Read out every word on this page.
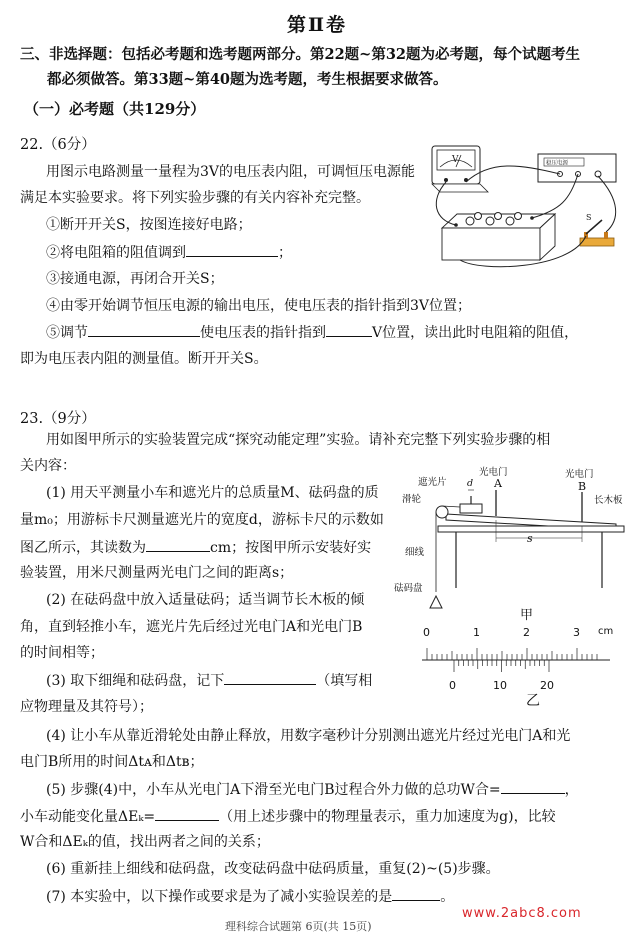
第Ⅱ卷
三、非选择题：包括必考题和选考题两部分。第22题~第32题为必考题，每个试题考生
都必须做答。第33题~第40题为选考题，考生根据要求做答。
（一）必考题（共129分）
22.（6分）
用图示电路测量一量程为3V的电压表内阻，可调恒压电源能
满足本实验要求。将下列实验步骤的有关内容补充完整。
①断开开关S，按图连接好电路；
②将电阻箱的阻值调到	；
③接通电源，再闭合开关S；
④由零开始调节恒压电源的输出电压，使电压表的指针指到3V位置；
⑤调节	使电压表的指针指到	V位置，读出此时电阻箱的阻值，
即为电压表内阻的测量值。断开开关S。
V	稳压电源
S
23.（9分）
用如图甲所示的实验装置完成“探究动能定理”实验。请补充完整下列实验步骤的相
关内容：
(1) 用天平测量小车和遮光片的总质量M、砝码盘的质
量m₀；用游标卡尺测量遮光片的宽度d，游标卡尺的示数如
图乙所示，其读数为	cm；按图甲所示安装好实
验装置，用米尺测量两光电门之间的距离s；
(2) 在砝码盘中放入适量砝码；适当调节长木板的倾
角，直到轻推小车，遮光片先后经过光电门A和光电门B
的时间相等；
(3) 取下细绳和砝码盘，记下	（填写相
应物理量及其符号）；
(4) 让小车从靠近滑轮处由静止释放，用数字毫秒计分别测出遮光片经过光电门A和光
电门B所用的时间Δtᴀ和Δtʙ；
(5) 步骤(4)中，小车从光电门A下滑至光电门B过程合外力做的总功W合=	，
小车动能变化量ΔEₖ=	（用上述步骤中的物理量表示，重力加速度为g)，比较
W合和ΔEₖ的值，找出两者之间的关系；
(6) 重新挂上细线和砝码盘，改变砝码盘中砝码质量，重复(2)~(5)步骤。
(7) 本实验中，以下操作或要求是为了减小实验误差的是	。
遮光片
光电门	光电门
滑轮
d A	B
长木板
细线
砝码盘
s
甲
0	1	2	3 cm
0	10	20
乙
www.2abc8.com
理科综合试题第 6页(共 15页)
